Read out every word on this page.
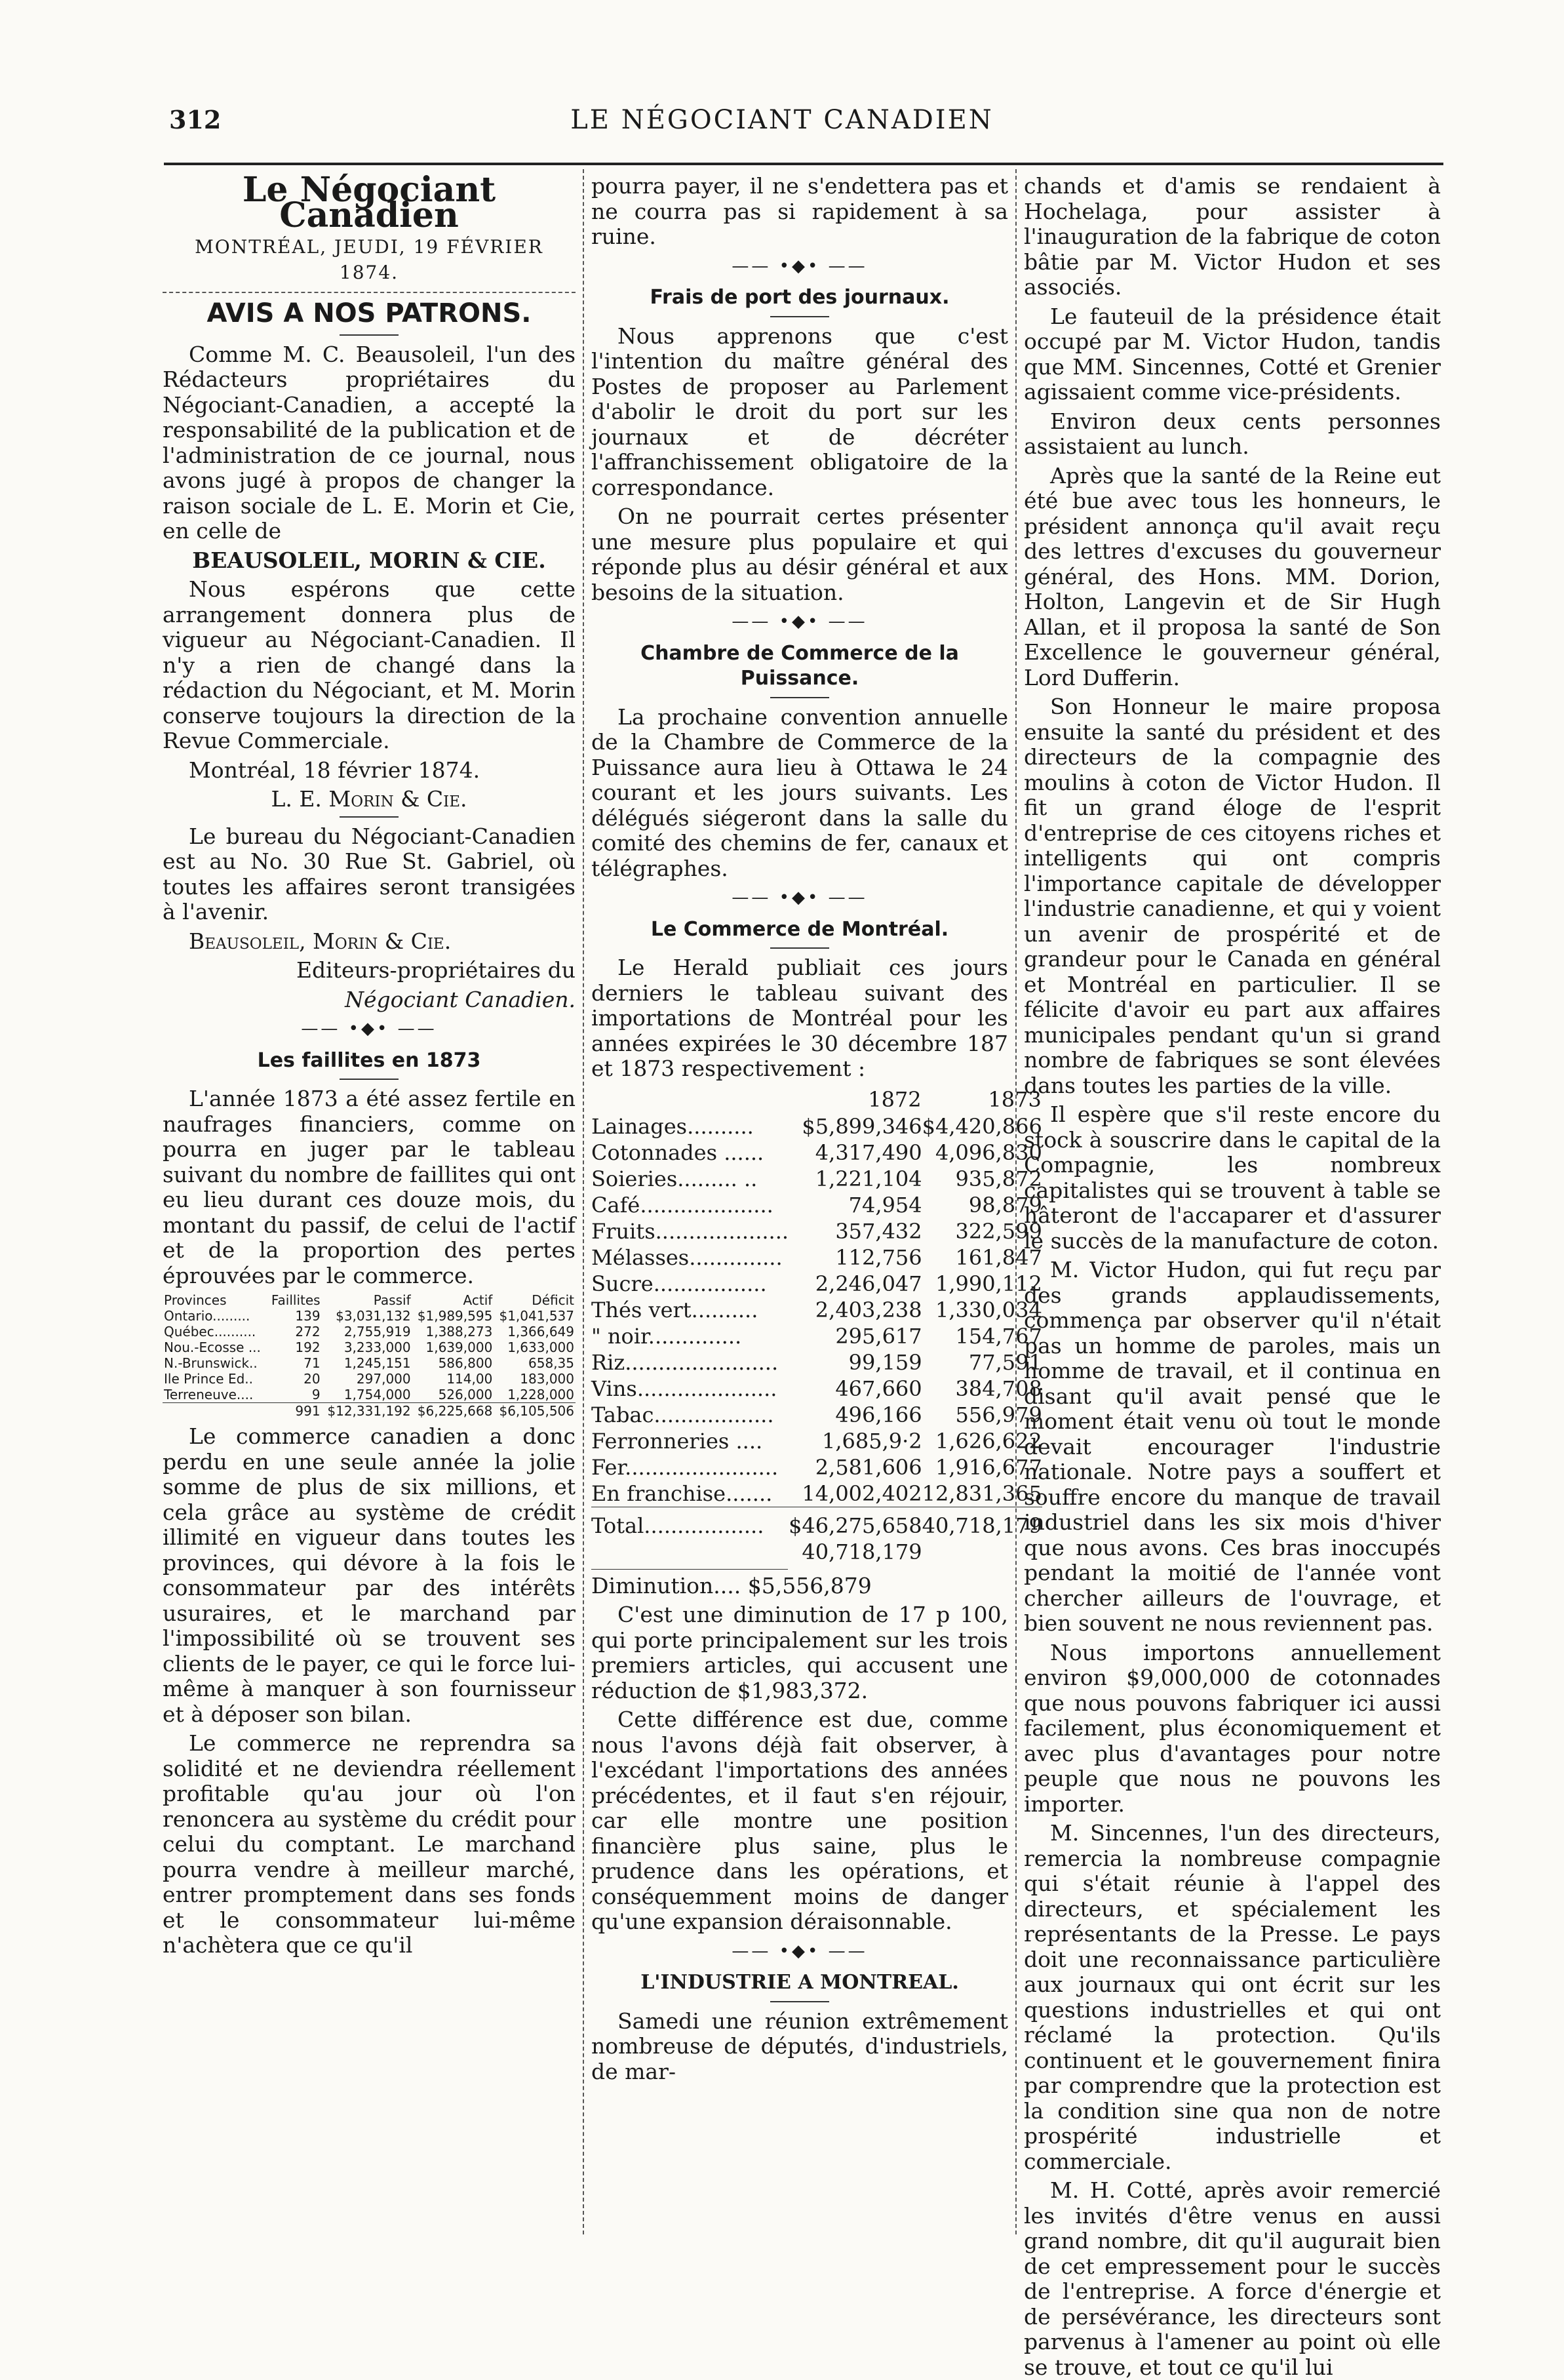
LE NÉGOCIANT CANADIEN
312
Le Négociant Canadien
MONTRÉAL, JEUDI, 19 FÉVRIER 1874.
AVIS A NOS PATRONS.

Comme M. C. Beausoleil, l'un des Rédacteurs propriétaires du Négociant-Canadien, a accepté la responsabilité de la publication et de l'administration de ce journal, nous avons jugé à propos de changer la raison sociale de L. E. Morin et Cie, en celle de

BEAUSOLEIL, MORIN & CIE.

Nous espérons que cette arrangement donnera plus de vigueur au Négociant-Canadien. Il n'y a rien de changé dans la rédaction du Négociant, et M. Morin conserve toujours la direction de la Revue Commerciale.

Montréal, 18 février 1874.

L. E. Morin & Cie.

Le bureau du Négociant-Canadien est au No. 30 Rue St. Gabriel, où toutes les affaires seront transigées à l'avenir.

Beausoleil, Morin & Cie.

Editeurs-propriétaires du

Négociant Canadien.

—— •◆• ——
Les faillites en 1873

L'année 1873 a été assez fertile en naufrages financiers, comme on pourra en juger par le tableau suivant du nombre de faillites qui ont eu lieu durant ces douze mois, du montant du passif, de celui de l'actif et de la proportion des pertes éprouvées par le commerce.

Provinces	Faillites	Passif	Actif	Déficit
Ontario.........	139	$3,031,132	$1,989,595	$1,041,537
Québec..........	272	2,755,919	1,388,273	1,366,649
Nou.-Ecosse ...	192	3,233,000	1,639,000	1,633,000
N.-Brunswick..	71	1,245,151	586,800	658,35
Ile Prince Ed..	20	297,000	114,00	183,000
Terreneuve....	9	1,754,000	526,000	1,228,000
	991	$12,331,192	$6,225,668	$6,105,506

Le commerce canadien a donc perdu en une seule année la jolie somme de plus de six millions, et cela grâce au système de crédit illimité en vigueur dans toutes les provinces, qui dévore à la fois le consommateur par des intérêts usuraires, et le marchand par l'impossibilité où se trouvent ses clients de le payer, ce qui le force lui-même à manquer à son fournisseur et à déposer son bilan.

Le commerce ne reprendra sa solidité et ne deviendra réellement profitable qu'au jour où l'on renoncera au système du crédit pour celui du comptant. Le marchand pourra vendre à meilleur marché, entrer promptement dans ses fonds et le consommateur lui-même n'achètera que ce qu'il

pourra payer, il ne s'endettera pas et ne courra pas si rapidement à sa ruine.

—— •◆• ——
Frais de port des journaux.

Nous apprenons que c'est l'intention du maître général des Postes de proposer au Parlement d'abolir le droit du port sur les journaux et de décréter l'affranchissement obligatoire de la correspondance.

On ne pourrait certes présenter une mesure plus populaire et qui réponde plus au désir général et aux besoins de la situation.

—— •◆• ——
Chambre de Commerce de la
Puissance.

La prochaine convention annuelle de la Chambre de Commerce de la Puissance aura lieu à Ottawa le 24 courant et les jours suivants. Les délégués siégeront dans la salle du comité des chemins de fer, canaux et télégraphes.

—— •◆• ——
Le Commerce de Montréal.

Le Herald publiait ces jours derniers le tableau suivant des importations de Montréal pour les années expirées le 30 décembre 187 et 1873 respectivement :

	1872	1873
Lainages..........	$5,899,346	$4,420,866
Cotonnades ......	4,317,490	4,096,830
Soieries......... ..	1,221,104	935,872
Café....................	74,954	98,879
Fruits....................	357,432	322,599
Mélasses..............	112,756	161,847
Sucre.................	2,246,047	1,990,112
Thés vert..........	2,403,238	1,330,034
" noir..............	295,617	154,767
Riz.......................	99,159	77,591
Vins.....................	467,660	384,708
Tabac..................	496,166	556,979
Ferronneries ....	1,685,9·2	1,626,622
Fer.......................	2,581,606	1,916,677
En franchise.......	14,002,402	12,831,365
Total..................	$46,275,658	40,718,179
	40,718,179	

Diminution.... $5,556,879

C'est une diminution de 17 p 100, qui porte principalement sur les trois premiers articles, qui accusent une réduction de $1,983,372.

Cette différence est due, comme nous l'avons déjà fait observer, à l'excédant l'importations des années précédentes, et il faut s'en réjouir, car elle montre une position financière plus saine, plus le prudence dans les opérations, et conséquemment moins de danger qu'une expansion déraisonnable.

—— •◆• ——
L'INDUSTRIE A MONTREAL.

Samedi une réunion extrêmement nombreuse de députés, d'industriels, de mar-

chands et d'amis se rendaient à Hochelaga, pour assister à l'inauguration de la fabrique de coton bâtie par M. Victor Hudon et ses associés.

Le fauteuil de la présidence était occupé par M. Victor Hudon, tandis que MM. Sincennes, Cotté et Grenier agissaient comme vice-présidents.

Environ deux cents personnes assistaient au lunch.

Après que la santé de la Reine eut été bue avec tous les honneurs, le président annonça qu'il avait reçu des lettres d'excuses du gouverneur général, des Hons. MM. Dorion, Holton, Langevin et de Sir Hugh Allan, et il proposa la santé de Son Excellence le gouverneur général, Lord Dufferin.

Son Honneur le maire proposa ensuite la santé du président et des directeurs de la compagnie des moulins à coton de Victor Hudon. Il fit un grand éloge de l'esprit d'entreprise de ces citoyens riches et intelligents qui ont compris l'importance capitale de développer l'industrie canadienne, et qui y voient un avenir de prospérité et de grandeur pour le Canada en général et Montréal en particulier. Il se félicite d'avoir eu part aux affaires municipales pendant qu'un si grand nombre de fabriques se sont élevées dans toutes les parties de la ville.

Il espère que s'il reste encore du stock à souscrire dans le capital de la Compagnie, les nombreux capitalistes qui se trouvent à table se hâteront de l'accaparer et d'assurer le succès de la manufacture de coton.

M. Victor Hudon, qui fut reçu par des grands applaudissements, commença par observer qu'il n'était pas un homme de paroles, mais un homme de travail, et il continua en disant qu'il avait pensé que le moment était venu où tout le monde devait encourager l'industrie nationale. Notre pays a souffert et souffre encore du manque de travail industriel dans les six mois d'hiver que nous avons. Ces bras inoccupés pendant la moitié de l'année vont chercher ailleurs de l'ouvrage, et bien souvent ne nous reviennent pas.

Nous importons annuellement environ $9,000,000 de cotonnades que nous pouvons fabriquer ici aussi facilement, plus économiquement et avec plus d'avantages pour notre peuple que nous ne pouvons les importer.

M. Sincennes, l'un des directeurs, remercia la nombreuse compagnie qui s'était réunie à l'appel des directeurs, et spécialement les représentants de la Presse. Le pays doit une reconnaissance particulière aux journaux qui ont écrit sur les questions industrielles et qui ont réclamé la protection. Qu'ils continuent et le gouvernement finira par comprendre que la protection est la condition sine qua non de notre prospérité industrielle et commerciale.

M. H. Cotté, après avoir remercié les invités d'être venus en aussi grand nombre, dit qu'il augurait bien de cet empressement pour le succès de l'entreprise. A force d'énergie et de persévérance, les directeurs sont parvenus à l'amener au point où elle se trouve, et tout ce qu'il lui
